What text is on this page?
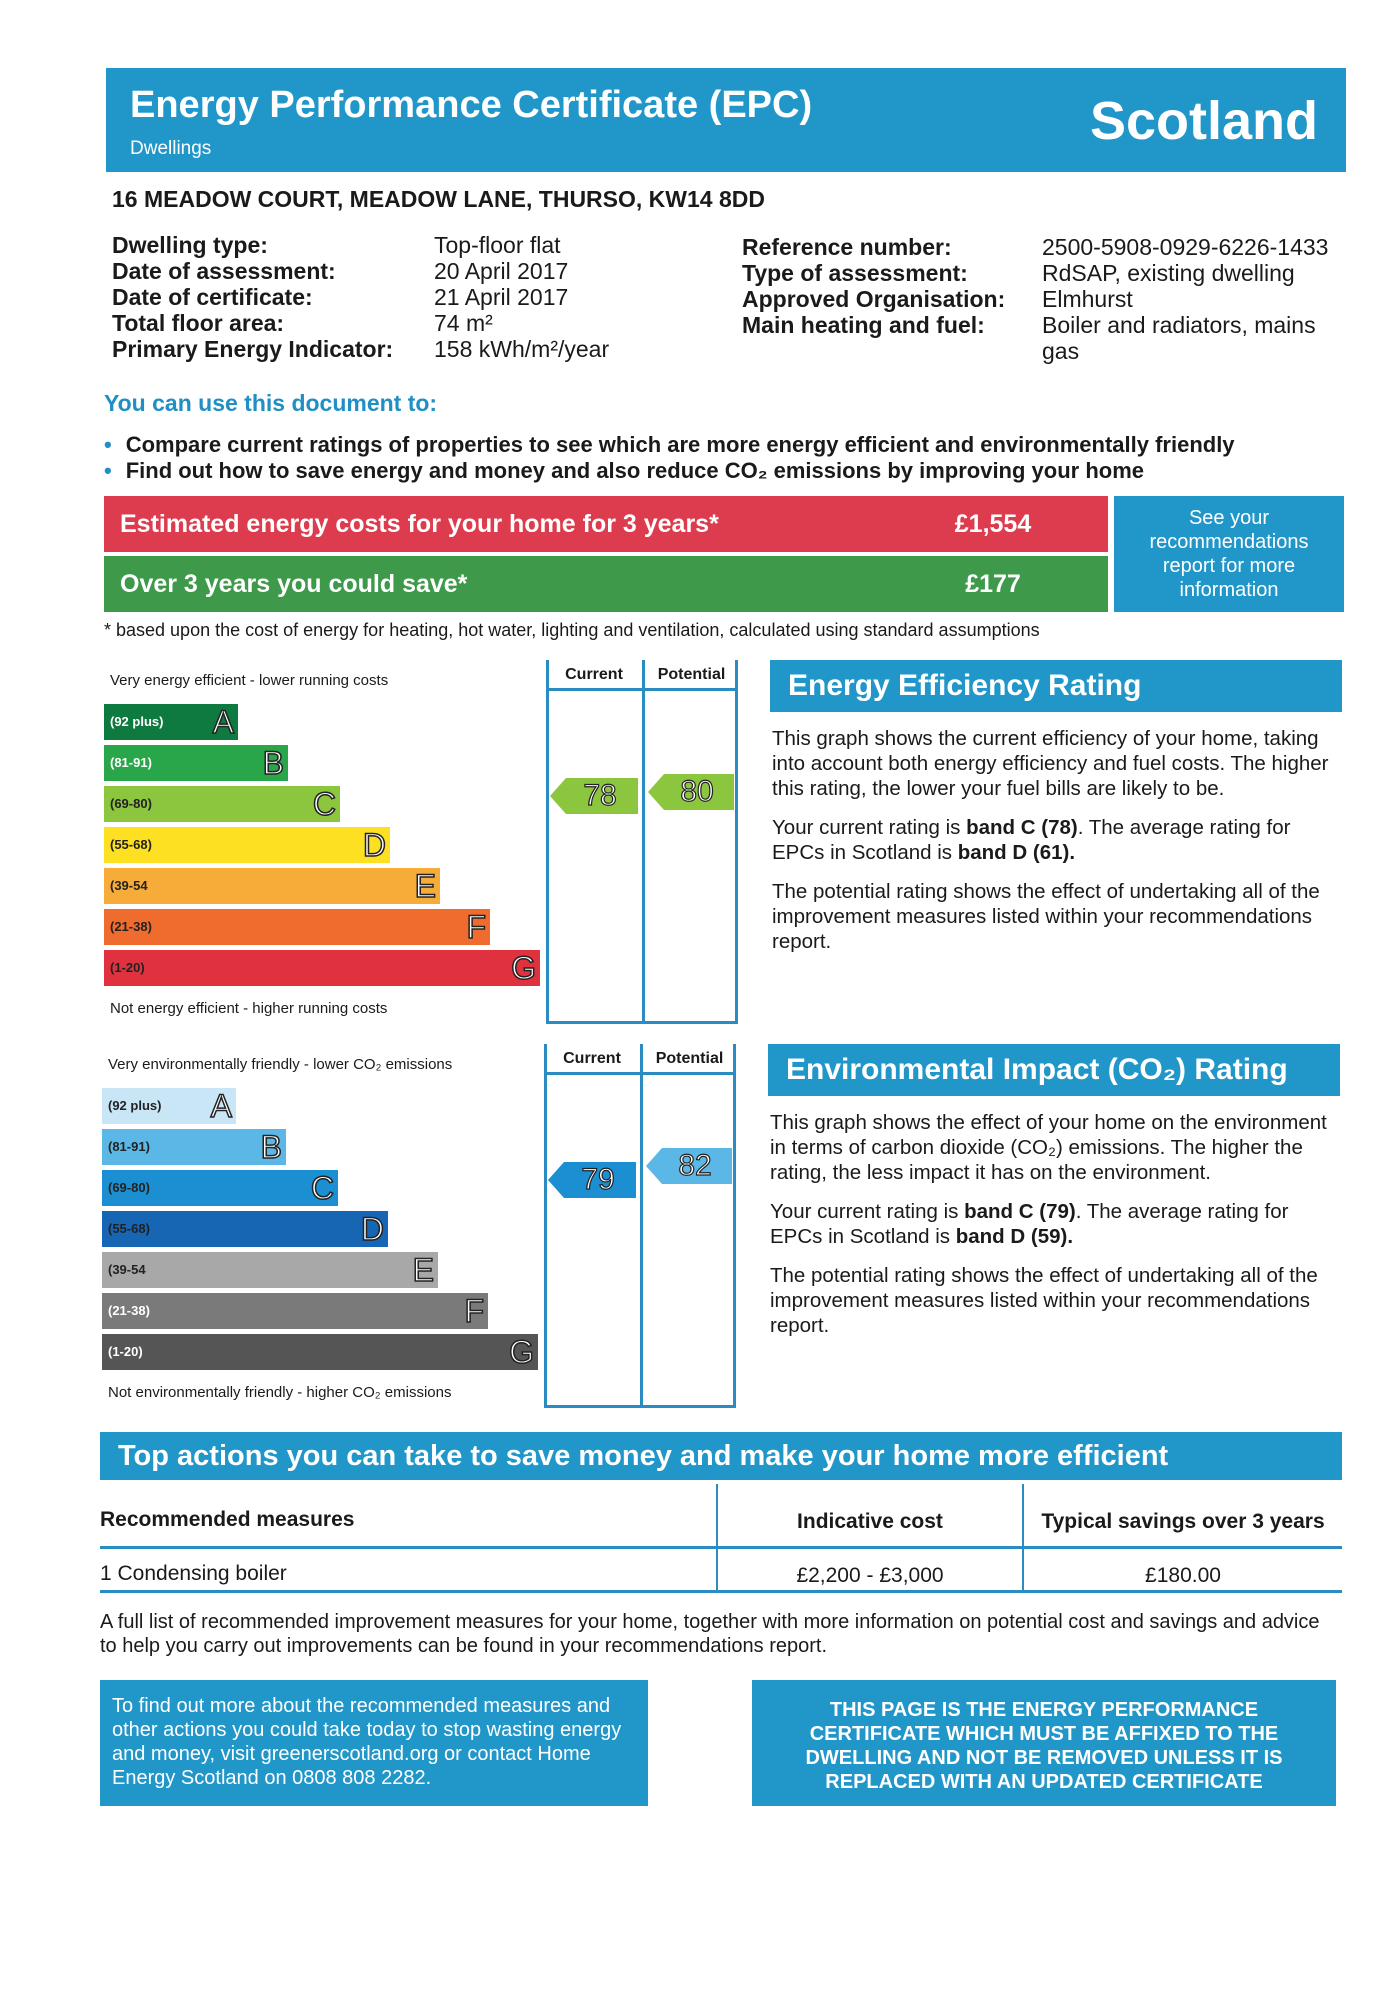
Energy Performance Certificate (EPC)
Dwellings	Scotland
16 MEADOW COURT, MEADOW LANE, THURSO, KW14 8DD
Dwelling type:	Top-floor flat
Date of assessment:	20 April 2017
Date of certificate:	21 April 2017
Total floor area:	74 m²
Primary Energy Indicator: 158 kWh/m²/year
Reference number:	2500-5908-0929-6226-1433
Type of assessment:	RdSAP, existing dwelling
Approved Organisation: Elmhurst
Main heating and fuel: Boiler and radiators, mains gas
You can use this document to:
• Compare current ratings of properties to see which are more energy efficient and environmentally friendly
• Find out how to save energy and money and also reduce CO₂ emissions by improving your home
Estimated energy costs for your home for 3 years*	£1,554
Over 3 years you could save*	£177
See your recommendations report for more information
* based upon the cost of energy for heating, hot water, lighting and ventilation, calculated using standard assumptions
Very energy efficient - lower running costs	Current	Potential
(92 plus) A
(81-91)	B
(69-80)	C
(55-68)	D
(39-54	E
(21-38)	F
(1-20)	G
Not energy efficient - higher running costs
78	80
Energy Efficiency Rating

This graph shows the current efficiency of your home, taking into account both energy efficiency and fuel costs. The higher this rating, the lower your fuel bills are likely to be.

Your current rating is band C (78). The average rating for EPCs in Scotland is band D (61).

The potential rating shows the effect of undertaking all of the improvement measures listed within your recommendations report.

Very environmentally friendly - lower CO₂ emissions	Current	Potential
(92 plus) A
(81-91)	B
(69-80)	C
(55-68)	D
(39-54	E
(21-38)	F
(1-20)	G
Not environmentally friendly - higher CO₂ emissions
79	82
Environmental Impact (CO₂) Rating

This graph shows the effect of your home on the environment in terms of carbon dioxide (CO₂) emissions. The higher the rating, the less impact it has on the environment.

Your current rating is band C (79). The average rating for EPCs in Scotland is band D (59).

The potential rating shows the effect of undertaking all of the improvement measures listed within your recommendations report.

Top actions you can take to save money and make your home more efficient
Recommended measures	Indicative cost	Typical savings over 3 years
1 Condensing boiler	£2,200 - £3,000	£180.00
A full list of recommended improvement measures for your home, together with more information on potential cost and savings and advice to help you carry out improvements can be found in your recommendations report.
To find out more about the recommended measures and other actions you could take today to stop wasting energy and money, visit greenerscotland.org or contact Home Energy Scotland on 0808 808 2282.
THIS PAGE IS THE ENERGY PERFORMANCE CERTIFICATE WHICH MUST BE AFFIXED TO THE DWELLING AND NOT BE REMOVED UNLESS IT IS REPLACED WITH AN UPDATED CERTIFICATE
